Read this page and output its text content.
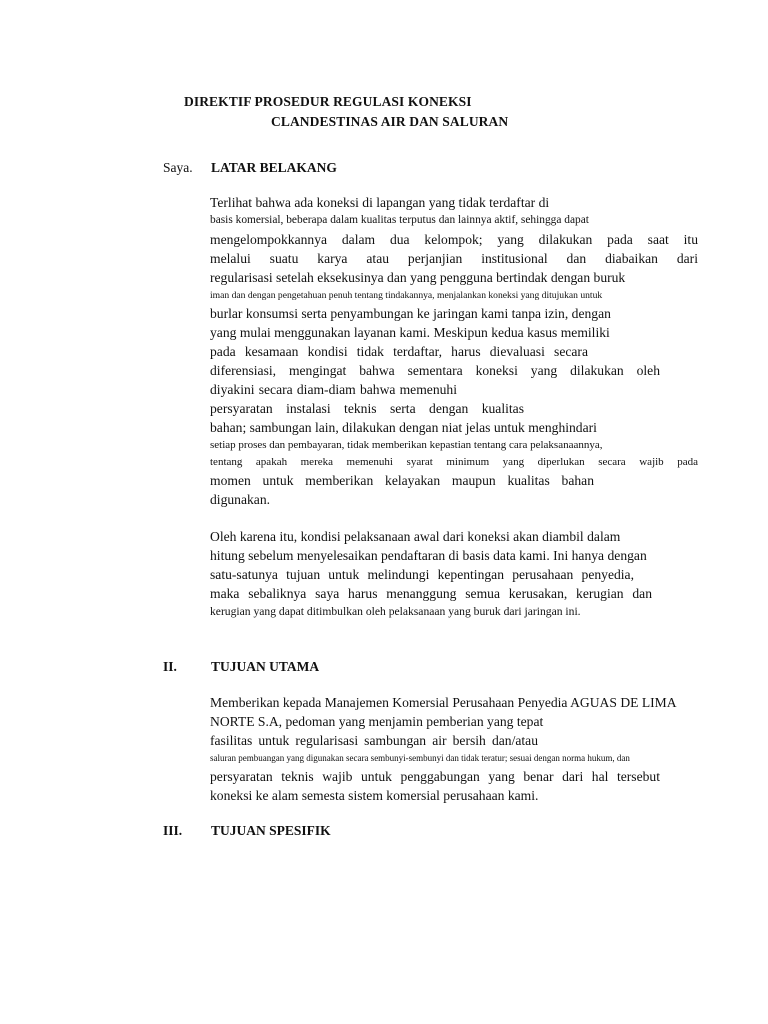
DIREKTIF PROSEDUR REGULASI KONEKSI
CLANDESTINAS AIR DAN SALURAN
Saya. LATAR BELAKANG
Terlihat bahwa ada koneksi di lapangan yang tidak terdaftar di
basis komersial, beberapa dalam kualitas terputus dan lainnya aktif, sehingga dapat
mengelompokkannya dalam dua kelompok; yang dilakukan pada saat itu
melalui suatu karya atau perjanjian institusional dan diabaikan dari
regularisasi setelah eksekusinya dan yang pengguna bertindak dengan buruk
iman dan dengan pengetahuan penuh tentang tindakannya, menjalankan koneksi yang ditujukan untuk
burlar konsumsi serta penyambungan ke jaringan kami tanpa izin, dengan
yang mulai menggunakan layanan kami. Meskipun kedua kasus memiliki
pada kesamaan kondisi tidak terdaftar, harus dievaluasi secara
diferensiasi, mengingat bahwa sementara koneksi yang dilakukan oleh
diyakini secara diam-diam bahwa memenuhi
persyaratan instalasi teknis serta dengan kualitas
bahan; sambungan lain, dilakukan dengan niat jelas untuk menghindari
setiap proses dan pembayaran, tidak memberikan kepastian tentang cara pelaksanaannya,
tentang apakah mereka memenuhi syarat minimum yang diperlukan secara wajib pada
momen untuk memberikan kelayakan maupun kualitas bahan
digunakan.
Oleh karena itu, kondisi pelaksanaan awal dari koneksi akan diambil dalam
hitung sebelum menyelesaikan pendaftaran di basis data kami. Ini hanya dengan
satu-satunya tujuan untuk melindungi kepentingan perusahaan penyedia,
maka sebaliknya saya harus menanggung semua kerusakan, kerugian dan
kerugian yang dapat ditimbulkan oleh pelaksanaan yang buruk dari jaringan ini.
II.	TUJUAN UTAMA
Memberikan kepada Manajemen Komersial Perusahaan Penyedia AGUAS DE LIMA
NORTE S.A, pedoman yang menjamin pemberian yang tepat
fasilitas untuk regularisasi sambungan air bersih dan/atau
saluran pembuangan yang digunakan secara sembunyi-sembunyi dan tidak teratur; sesuai dengan norma hukum, dan
persyaratan teknis wajib untuk penggabungan yang benar dari hal tersebut
koneksi ke alam semesta sistem komersial perusahaan kami.
III. TUJUAN SPESIFIK
